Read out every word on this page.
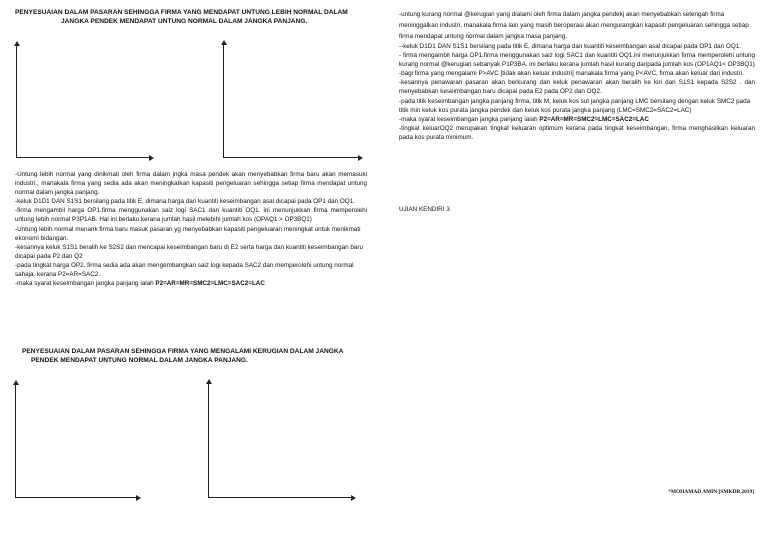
PENYESUAIAN DALAM PASARAN SEHINGGA FIRMA YANG MENDAPAT UNTUNG LEBIH NORMAL DALAM
JANGKA PENDEK MENDAPAT UNTUNG NORMAL DALAM JANGKA PANJANG.

-Untung lebih normal yang dinikmati oleh firma dalam jngka masa pendek akan menyebabkan firma baru akan memasuki industri., manakala firma yang sedia ada akan meningkatkan kapasiti pengeluaran sehingga setiap firma mendapat untung normal dalam jangka panjang.

-keluk D1D1 DAN S1S1 bersilang pada titik E, dimana harga dan kuantiti keseimbangan asal dicapai pada OP1 dan OQ1.

-firma mengambil harga OP1.firma menggunakan saiz logi SAC1 dan kuantiti OQ1. ini menunjukkan firma memperolehi untung lebih normal P3P1AB. Hal ini berlaku kerana jumlah hasil melebihi jumlah kos (OPAQ1 > OP3BQ1)

-Untung lebih normal menarik firma baru masuk pasaran yg menyebabkan kapasiti pengeluaran meningkat untuk menikmati ekonomi bidangan.

-kesannya keluk S1S1 beralih ke S2S2 dan mencapai keseimbangan baru di E2 serta harga dan kuantiti keseimbangan baru dicapai pada P2 dan Q2

-pada tingkat harga OP2, firma sedia ada akan mengembangkan saiz logi kepada SAC2 dan memperolehi untung normal sahaja. kerana P2=AR=SAC2.

-maka syarat keseimbangan jangka panjang ialah P2=AR=MR=SMC2=LMC=SAC2=LAC

PENYESUAIAN DALAM PASARAN SEHINGGA FIRMA YANG MENGALAMI KERUGIAN DALAM JANGKA
PENDEK MENDAPAT UNTUNG NORMAL DALAM JANGKA PANJANG.

-untung kurang normal @kerugian yang dialami oleh firma dalam jangka pendekj akan menyebabkan setengah firma meninggalkan industri, manakala firma lain yang masih beroperasi akan mengurangkan kapasiti pengeluaran sehingga setiap firma mendapat untung normal dalam jangka masa panjang.

--keluk D1D1 DAN S1S1 bersilang pada titik E, dimana harga dan kuantiti keseimbangan asal dicapai pada OP1 dan OQ1.

- firma mengambil harga OP1.firma menggunakan saiz logi SAC1 dan kuantiti OQ1.ini menunjukkan firma memperolehi untung kurang normal @kerugian sebanyak P1P3BA. ini berlaku kerana jumlah hasil kurang daripada jumlah kos (OP1AQ1< OP3BQ1)

-bagi firma yang mengalami P>AVC [tidak akan keluar industri] manakala firma yang P<AVC, firma akan keluar dari industri.

-kesannya penawaran pasaran akan berkurang dan keluk penawaran akan beralih ke kiri dari S1S1 kepada S2S2 . dan menyebabkan keseimbangan baru dicapai pada E2 pada OP2 dan OQ2.

-pada titik keseimbangan jangka panjang firma, titik M, keluk kos sut jangka panjang LMC bersilang dengan keluk SMC2 pada titik min keluk kos purata jangka pendek dan keluk kos purata jangka panjang (LMC=SMC2=SAC2=LAC)

-maka syarat keseimbangan jangka panjang ialah P2=AR=MR=SMC2=LMC=SAC2=LAC

-tingkat keluarOQ2 merupakan tingkat keluaran optimum kerana pada tingkat keseimbangan, firma menghasilkan keluaran pada kos purata minimum.

UJIAN KENDIRI 3
*MOHAMAD AMIN [SMKDB 2019]
